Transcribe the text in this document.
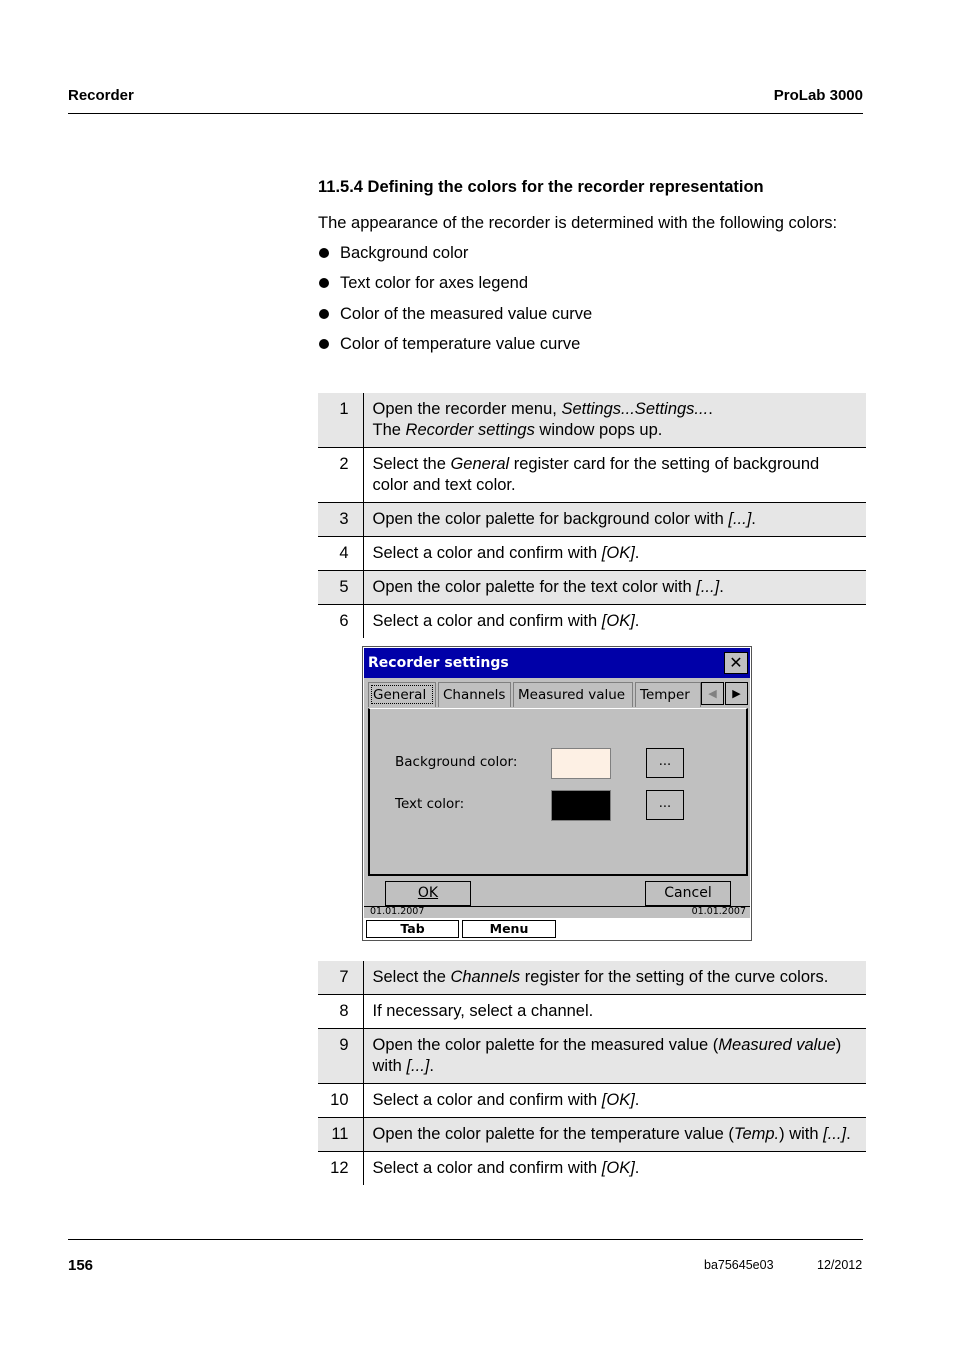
Recorder	ProLab 3000
11.5.4 Defining the colors for the recorder representation
The appearance of the recorder is determined with the following colors:
Background color
Text color for axes legend
Color of the measured value curve
Color of temperature value curve
1	Open the recorder menu, Settings...Settings....
The Recorder settings window pops up.
2	Select the General register card for the setting of background color and text color.
3	Open the color palette for background color with [...].
4	Select a color and confirm with [OK].
5	Open the color palette for the text color with [...].
6	Select a color and confirm with [OK].
Recorder settings	✕
General	Channels Measured value	Temper	◀	▶
Background color:	...
Text color:	...
OK	Cancel
01.01.2007	01.01.2007
Tab	Menu
7	Select the Channels register for the setting of the curve colors.
8	If necessary, select a channel.
9	Open the color palette for the measured value (Measured value) with [...].
10	Select a color and confirm with [OK].
11	Open the color palette for the temperature value (Temp.) with [...].
12	Select a color and confirm with [OK].
156	ba75645e03	12/2012
